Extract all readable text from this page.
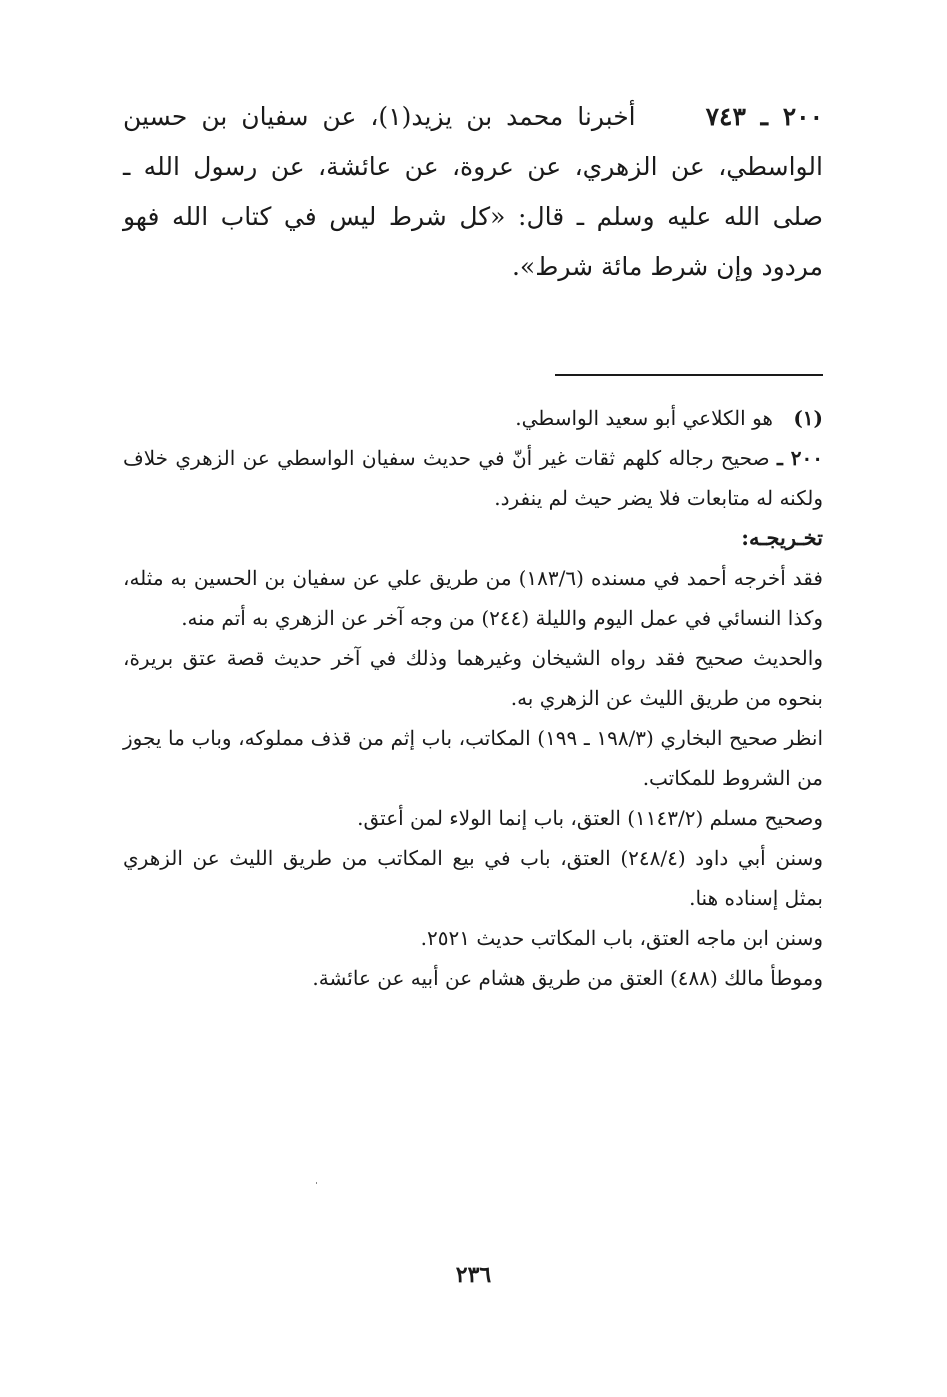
٢٠٠ ـ ٧٤٣     أخبرنا محمد بن يزيد(١)، عن سفيان بن حسين الواسطي، عن الزهري، عن عروة، عن عائشة، عن رسول الله ـ صلى الله عليه وسلم ـ قال: «كل شرط ليس في كتاب الله فهو مردود وإن شرط مائة شرط».

(١) هو الكلاعي أبو سعيد الواسطي.

٢٠٠ ـ صحيح رجاله كلهم ثقات غير أنّ في حديث سفيان الواسطي عن الزهري خلاف ولكنه له متابعات فلا يضر حيث لم ينفرد.

تخـريجـه:

فقد أخرجه أحمد في مسنده (١٨٣/٦) من طريق علي عن سفيان بن الحسين به مثله، وكذا النسائي في عمل اليوم والليلة (٢٤٤) من وجه آخر عن الزهري به أتم منه.

والحديث صحيح فقد رواه الشيخان وغيرهما وذلك في آخر حديث قصة عتق بريرة، بنحوه من طريق الليث عن الزهري به.

انظر صحيح البخاري (١٩٨/٣ ـ ١٩٩) المكاتب، باب إثم من قذف مملوكه، وباب ما يجوز من الشروط للمكاتب.

وصحيح مسلم (١١٤٣/٢) العتق، باب إنما الولاء لمن أعتق.

وسنن أبي داود (٢٤٨/٤) العتق، باب في بيع المكاتب من طريق الليث عن الزهري بمثل إسناده هنا.

وسنن ابن ماجه العتق، باب المكاتب حديث ٢٥٢١.

وموطأ مالك (٤٨٨) العتق من طريق هشام عن أبيه عن عائشة.

٢٣٦
